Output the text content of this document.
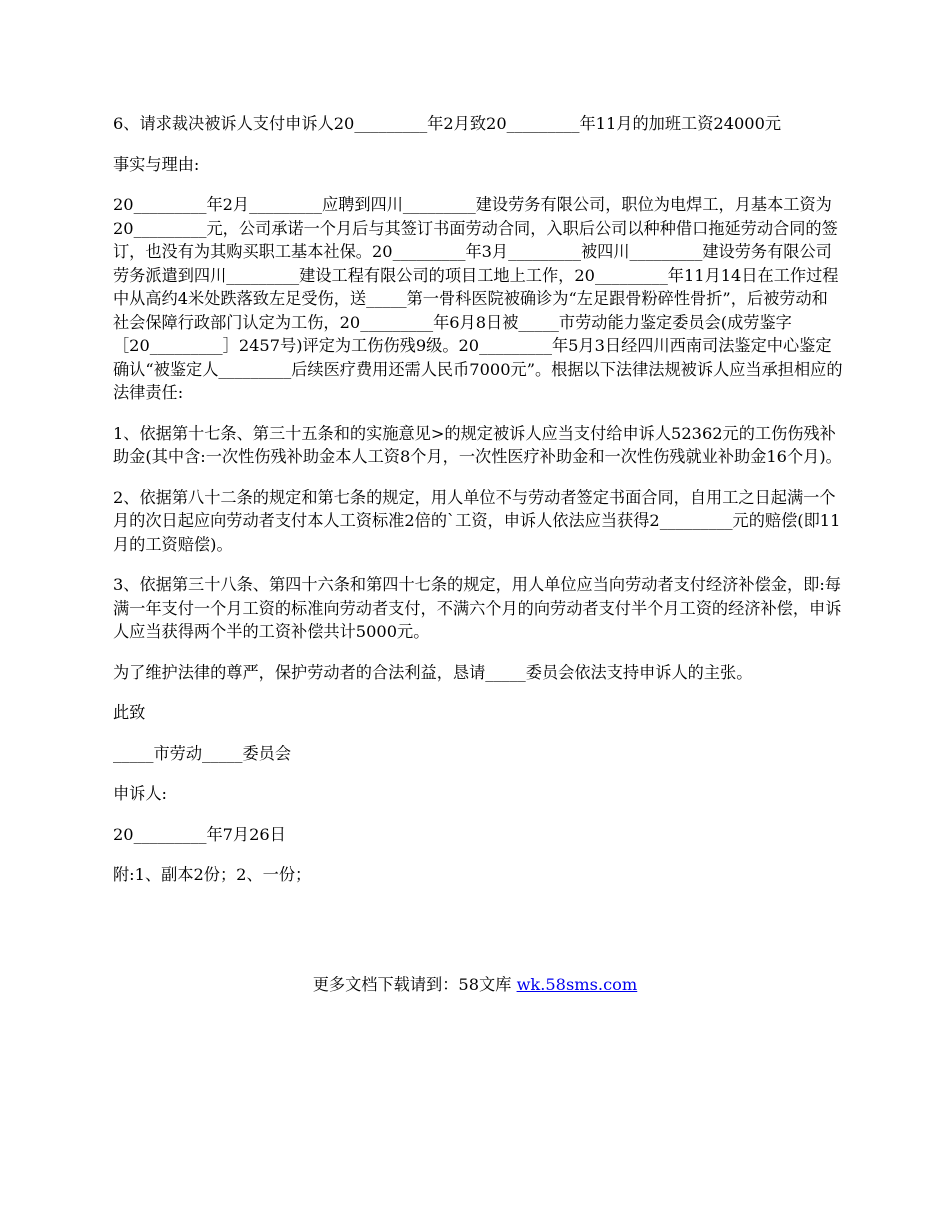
6、请求裁决被诉人支付申诉人20_________年2月致20_________年11月的加班工资24000元

事实与理由:

20_________年2月_________应聘到四川_________建设劳务有限公司，职位为电焊工，月基本工资为20_________元，公司承诺一个月后与其签订书面劳动合同，入职后公司以种种借口拖延劳动合同的签订，也没有为其购买职工基本社保。20_________年3月_________被四川_________建设劳务有限公司劳务派遣到四川_________建设工程有限公司的项目工地上工作，20_________年11月14日在工作过程中从高约4米处跌落致左足受伤，送_____第一骨科医院被确诊为“左足跟骨粉碎性骨折”，后被劳动和社会保障行政部门认定为工伤，20_________年6月8日被_____市劳动能力鉴定委员会(成劳鉴字［20_________］2457号)评定为工伤伤残9级。20_________年5月3日经四川西南司法鉴定中心鉴定确认“被鉴定人_________后续医疗费用还需人民币7000元”。根据以下法律法规被诉人应当承担相应的法律责任:

1、依据第十七条、第三十五条和的实施意见>的规定被诉人应当支付给申诉人52362元的工伤伤残补助金(其中含:一次性伤残补助金本人工资8个月，一次性医疗补助金和一次性伤残就业补助金16个月)。

2、依据第八十二条的规定和第七条的规定，用人单位不与劳动者签定书面合同，自用工之日起满一个月的次日起应向劳动者支付本人工资标准2倍的`工资，申诉人依法应当获得2_________元的赔偿(即11月的工资赔偿)。

3、依据第三十八条、第四十六条和第四十七条的规定，用人单位应当向劳动者支付经济补偿金，即:每满一年支付一个月工资的标准向劳动者支付，不满六个月的向劳动者支付半个月工资的经济补偿，申诉人应当获得两个半的工资补偿共计5000元。

为了维护法律的尊严，保护劳动者的合法利益，恳请_____委员会依法支持申诉人的主张。

此致

_____市劳动_____委员会

申诉人:

20_________年7月26日

附:1、副本2份；2、一份；

更多文档下载请到：58文库 wk.58sms.com
